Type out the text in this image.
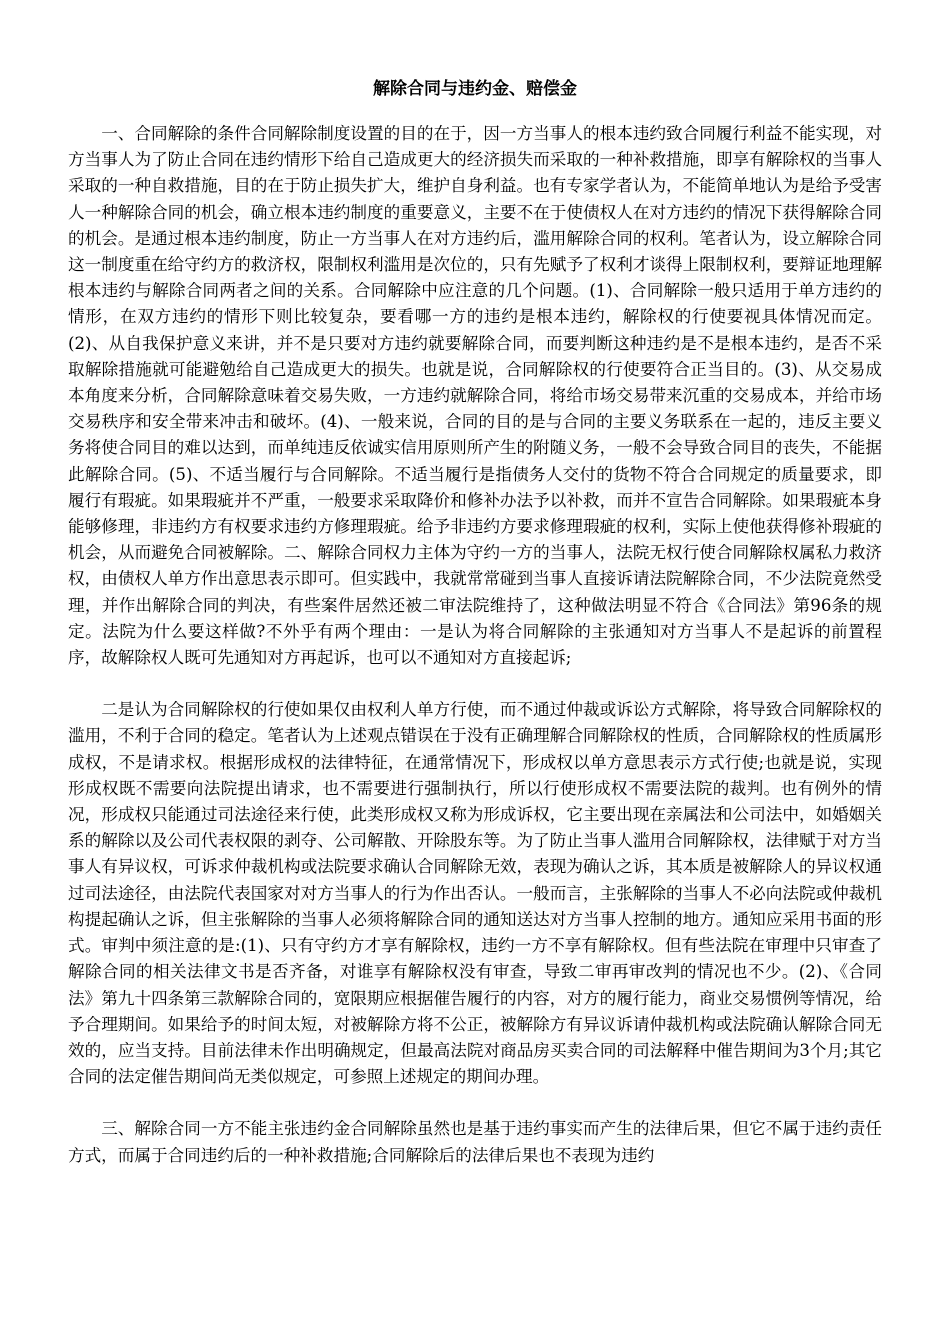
解除合同与违约金、赔偿金

一、合同解除的条件合同解除制度设置的目的在于，因一方当事人的根本违约致合同履行利益不能实现，对方当事人为了防止合同在违约情形下给自己造成更大的经济损失而采取的一种补救措施，即享有解除权的当事人采取的一种自救措施，目的在于防止损失扩大，维护自身利益。也有专家学者认为，不能简单地认为是给予受害人一种解除合同的机会，确立根本违约制度的重要意义，主要不在于使债权人在对方违约的情况下获得解除合同的机会。是通过根本违约制度，防止一方当事人在对方违约后，滥用解除合同的权利。笔者认为，设立解除合同这一制度重在给守约方的救济权，限制权利滥用是次位的，只有先赋予了权利才谈得上限制权利，要辩证地理解根本违约与解除合同两者之间的关系。合同解除中应注意的几个问题。(1)、合同解除一般只适用于单方违约的情形，在双方违约的情形下则比较复杂，要看哪一方的违约是根本违约，解除权的行使要视具体情况而定。(2)、从自我保护意义来讲，并不是只要对方违约就要解除合同，而要判断这种违约是不是根本违约，是否不采取解除措施就可能避勉给自己造成更大的损失。也就是说，合同解除权的行使要符合正当目的。(3)、从交易成本角度来分析，合同解除意味着交易失败，一方违约就解除合同，将给市场交易带来沉重的交易成本，并给市场交易秩序和安全带来冲击和破坏。(4)、一般来说，合同的目的是与合同的主要义务联系在一起的，违反主要义务将使合同目的难以达到，而单纯违反依诚实信用原则所产生的附随义务，一般不会导致合同目的丧失，不能据此解除合同。(5)、不适当履行与合同解除。不适当履行是指债务人交付的货物不符合合同规定的质量要求，即履行有瑕疵。如果瑕疵并不严重，一般要求采取降价和修补办法予以补救，而并不宣告合同解除。如果瑕疵本身能够修理，非违约方有权要求违约方修理瑕疵。给予非违约方要求修理瑕疵的权利，实际上使他获得修补瑕疵的机会，从而避免合同被解除。二、解除合同权力主体为守约一方的当事人，法院无权行使合同解除权属私力救济权，由债权人单方作出意思表示即可。但实践中，我就常常碰到当事人直接诉请法院解除合同，不少法院竟然受理，并作出解除合同的判决，有些案件居然还被二审法院维持了，这种做法明显不符合《合同法》第96条的规定。法院为什么要这样做?不外乎有两个理由：一是认为将合同解除的主张通知对方当事人不是起诉的前置程序，故解除权人既可先通知对方再起诉，也可以不通知对方直接起诉;

二是认为合同解除权的行使如果仅由权利人单方行使，而不通过仲裁或诉讼方式解除，将导致合同解除权的滥用，不利于合同的稳定。笔者认为上述观点错误在于没有正确理解合同解除权的性质，合同解除权的性质属形成权，不是请求权。根据形成权的法律特征，在通常情况下，形成权以单方意思表示方式行使;也就是说，实现形成权既不需要向法院提出请求，也不需要进行强制执行，所以行使形成权不需要法院的裁判。也有例外的情况，形成权只能通过司法途径来行使，此类形成权又称为形成诉权，它主要出现在亲属法和公司法中，如婚姻关系的解除以及公司代表权限的剥夺、公司解散、开除股东等。为了防止当事人滥用合同解除权，法律赋于对方当事人有异议权，可诉求仲裁机构或法院要求确认合同解除无效，表现为确认之诉，其本质是被解除人的异议权通过司法途径，由法院代表国家对对方当事人的行为作出否认。一般而言，主张解除的当事人不必向法院或仲裁机构提起确认之诉，但主张解除的当事人必须将解除合同的通知送达对方当事人控制的地方。通知应采用书面的形式。审判中须注意的是:(1)、只有守约方才享有解除权，违约一方不享有解除权。但有些法院在审理中只审查了解除合同的相关法律文书是否齐备，对谁享有解除权没有审查，导致二审再审改判的情况也不少。(2)、《合同法》第九十四条第三款解除合同的，宽限期应根据催告履行的内容，对方的履行能力，商业交易惯例等情况，给予合理期间。如果给予的时间太短，对被解除方将不公正，被解除方有异议诉请仲裁机构或法院确认解除合同无效的，应当支持。目前法律未作出明确规定，但最高法院对商品房买卖合同的司法解释中催告期间为3个月;其它合同的法定催告期间尚无类似规定，可参照上述规定的期间办理。

三、解除合同一方不能主张违约金合同解除虽然也是基于违约事实而产生的法律后果，但它不属于违约责任方式，而属于合同违约后的一种补救措施;合同解除后的法律后果也不表现为违约
